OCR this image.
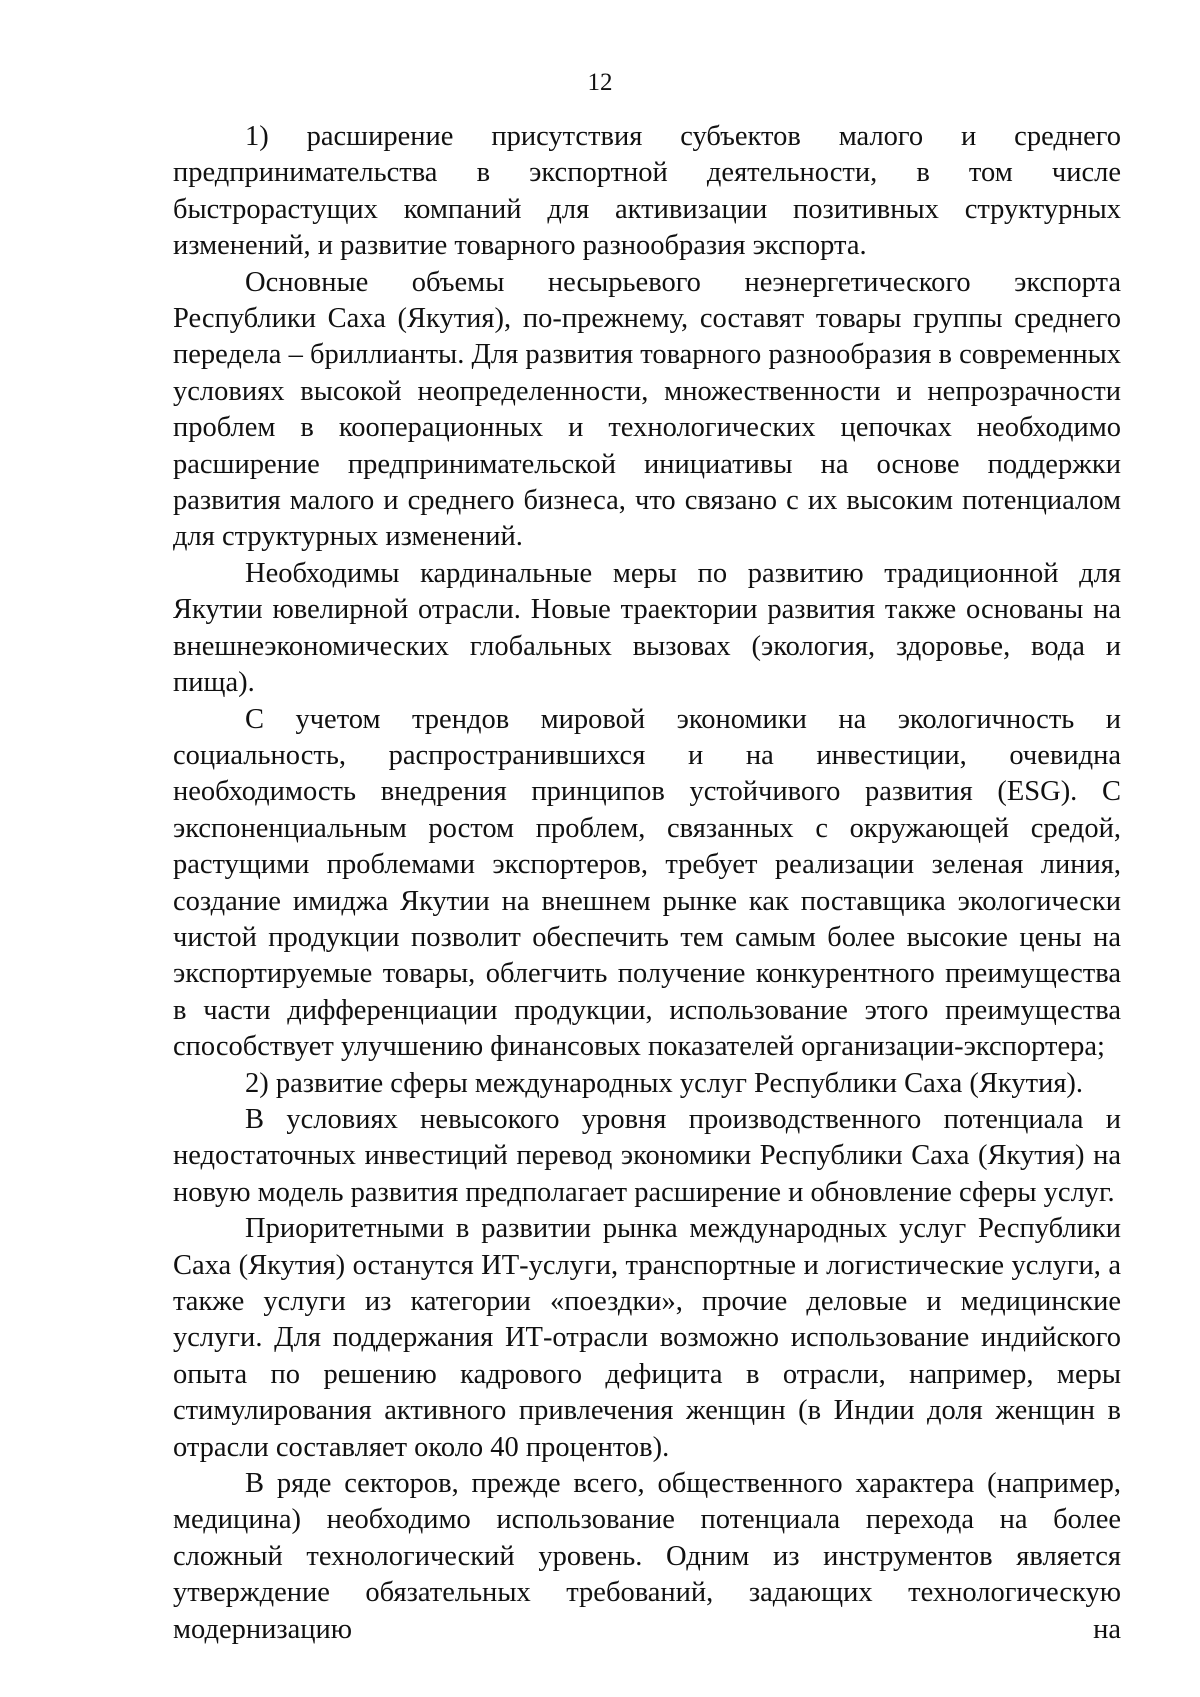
12

1) расширение присутствия субъектов малого и среднего предпринимательства в экспортной деятельности, в том числе быстрорастущих компаний для активизации позитивных структурных изменений, и развитие товарного разнообразия экспорта.

Основные объемы несырьевого неэнергетического экспорта Республики Саха (Якутия), по-прежнему, составят товары группы среднего передела – бриллианты. Для развития товарного разнообразия в современных условиях высокой неопределенности, множественности и непрозрачности проблем в кооперационных и технологических цепочках необходимо расширение предпринимательской инициативы на основе поддержки развития малого и среднего бизнеса, что связано с их высоким потенциалом для структурных изменений.

Необходимы кардинальные меры по развитию традиционной для Якутии ювелирной отрасли. Новые траектории развития также основаны на внешнеэкономических глобальных вызовах (экология, здоровье, вода и пища).

С учетом трендов мировой экономики на экологичность и социальность, распространившихся и на инвестиции, очевидна необходимость внедрения принципов устойчивого развития (ESG). С экспоненциальным ростом проблем, связанных с окружающей средой, растущими проблемами экспортеров, требует реализации зеленая линия, создание имиджа Якутии на внешнем рынке как поставщика экологически чистой продукции позволит обеспечить тем самым более высокие цены на экспортируемые товары, облегчить получение конкурентного преимущества в части дифференциации продукции, использование этого преимущества способствует улучшению финансовых показателей организации-экспортера;

2) развитие сферы международных услуг Республики Саха (Якутия).

В условиях невысокого уровня производственного потенциала и недостаточных инвестиций перевод экономики Республики Саха (Якутия) на новую модель развития предполагает расширение и обновление сферы услуг.

Приоритетными в развитии рынка международных услуг Республики Саха (Якутия) останутся ИТ-услуги, транспортные и логистические услуги, а также услуги из категории «поездки», прочие деловые и медицинские услуги. Для поддержания ИТ-отрасли возможно использование индийского опыта по решению кадрового дефицита в отрасли, например, меры стимулирования активного привлечения женщин (в Индии доля женщин в отрасли составляет около 40 процентов).

В ряде секторов, прежде всего, общественного характера (например, медицина) необходимо использование потенциала перехода на более сложный технологический уровень. Одним из инструментов является утверждение обязательных требований, задающих технологическую модернизацию на
